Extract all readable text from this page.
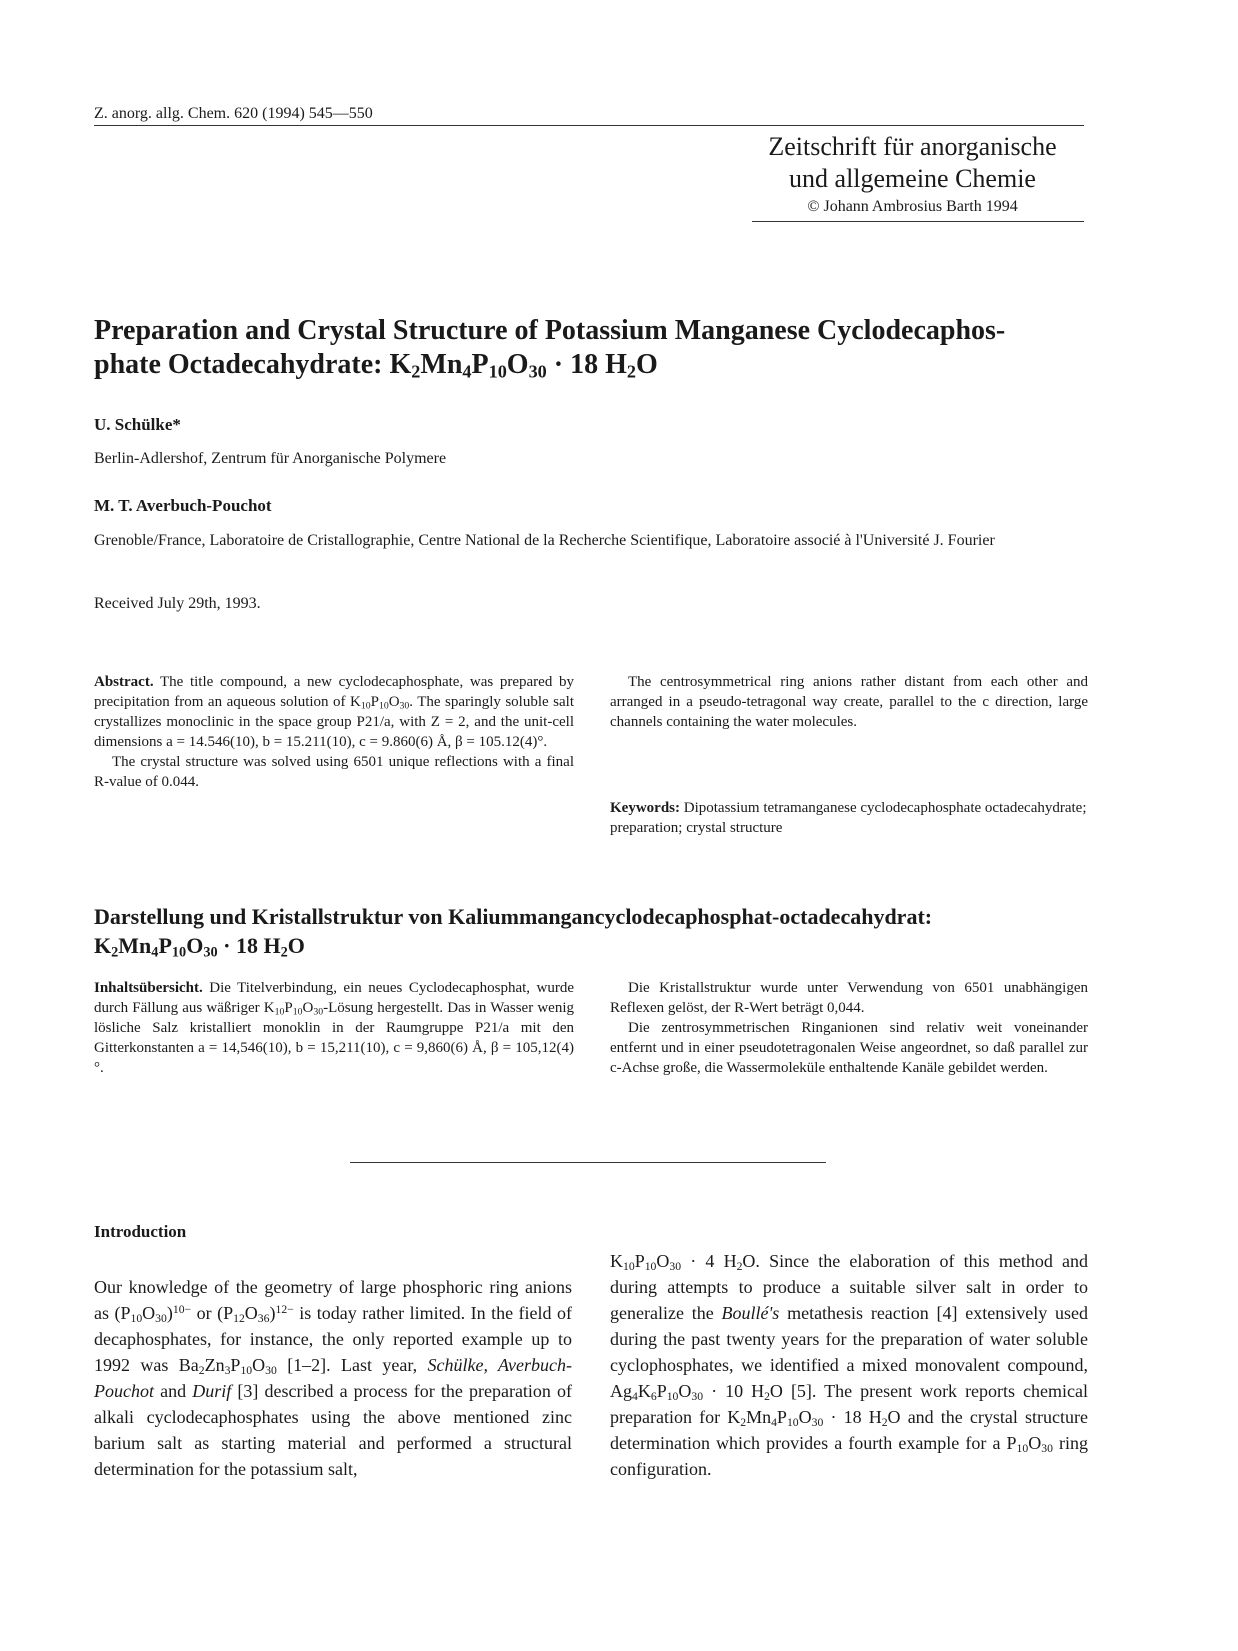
Z. anorg. allg. Chem. 620 (1994) 545—550
Zeitschrift für anorganische
und allgemeine Chemie
© Johann Ambrosius Barth 1994
Preparation and Crystal Structure of Potassium Manganese Cyclodecaphos-
phate Octadecahydrate: $K_2Mn_4P_{10}O_{30} \cdot 18$ $H_2O$
U. Schülke*
Berlin-Adlershof, Zentrum für Anorganische Polymere
M. T. Averbuch-Pouchot
Grenoble/France, Laboratoire de Cristallographie, Centre National de la Recherche Scientifique, Laboratoire associé à l'Université J. Fourier
Received July 29th, 1993.
Abstract. The title compound, a new cyclodecaphosphate, was prepared by precipitation from an aqueous solution of $K_{10}P_{10}O_{30}$. The sparingly soluble salt crystallizes monoclinic in the space group P21/a, with Z = 2, and the unit-cell dimensions a = 14.546(10), b = 15.211(10), c = 9.860(6) Å, β = 105.12(4)°.
The crystal structure was solved using 6501 unique reflections with a final R-value of 0.044.
The centrosymmetrical ring anions rather distant from each other and arranged in a pseudo-tetragonal way create, parallel to the c direction, large channels containing the water molecules.
Keywords: Dipotassium tetramanganese cyclodecaphosphate octadecahydrate; preparation; crystal structure
Darstellung und Kristallstruktur von Kaliummangancyclodecaphosphat-octadecahydrat:
$K_2Mn_4P_{10}O_{30} \cdot 18$ $H_2O$
Inhaltsübersicht. Die Titelverbindung, ein neues Cyclodecaphosphat, wurde durch Fällung aus wäßriger $K_{10}P_{10}O_{30}$-Lösung hergestellt. Das in Wasser wenig lösliche Salz kristalliert monoklin in der Raumgruppe P21/a mit den Gitterkonstanten a = 14,546(10), b = 15,211(10), c = 9,860(6) Å, β = 105,12(4)°.
Die Kristallstruktur wurde unter Verwendung von 6501 unabhängigen Reflexen gelöst, der R-Wert beträgt 0,044.
Die zentrosymmetrischen Ringanionen sind relativ weit voneinander entfernt und in einer pseudotetragonalen Weise angeordnet, so daß parallel zur c-Achse große, die Wassermoleküle enthaltende Kanäle gebildet werden.
Introduction
Our knowledge of the geometry of large phosphoric ring anions as $(P_{10}O_{30})^{10-}$ or $(P_{12}O_{36})^{12-}$ is today rather limited. In the field of decaphosphates, for instance, the only reported example up to 1992 was $Ba_2Zn_3P_{10}O_{30}$ [1–2]. Last year, Schülke, Averbuch-Pouchot and Durif [3] described a process for the preparation of alkali cyclodecaphosphates using the above mentioned zinc barium salt as starting material and performed a structural determination for the potassium salt,
$K_{10}P_{10}O_{30} \cdot 4$ $H_2O$. Since the elaboration of this method and during attempts to produce a suitable silver salt in order to generalize the Boullé's metathesis reaction [4] extensively used during the past twenty years for the preparation of water soluble cyclophosphates, we identified a mixed monovalent compound, $Ag_4K_6P_{10}O_{30} \cdot 10$ $H_2O$ [5]. The present work reports chemical preparation for $K_2Mn_4P_{10}O_{30} \cdot 18$ $H_2O$ and the crystal structure determination which provides a fourth example for a $P_{10}O_{30}$ ring configuration.
